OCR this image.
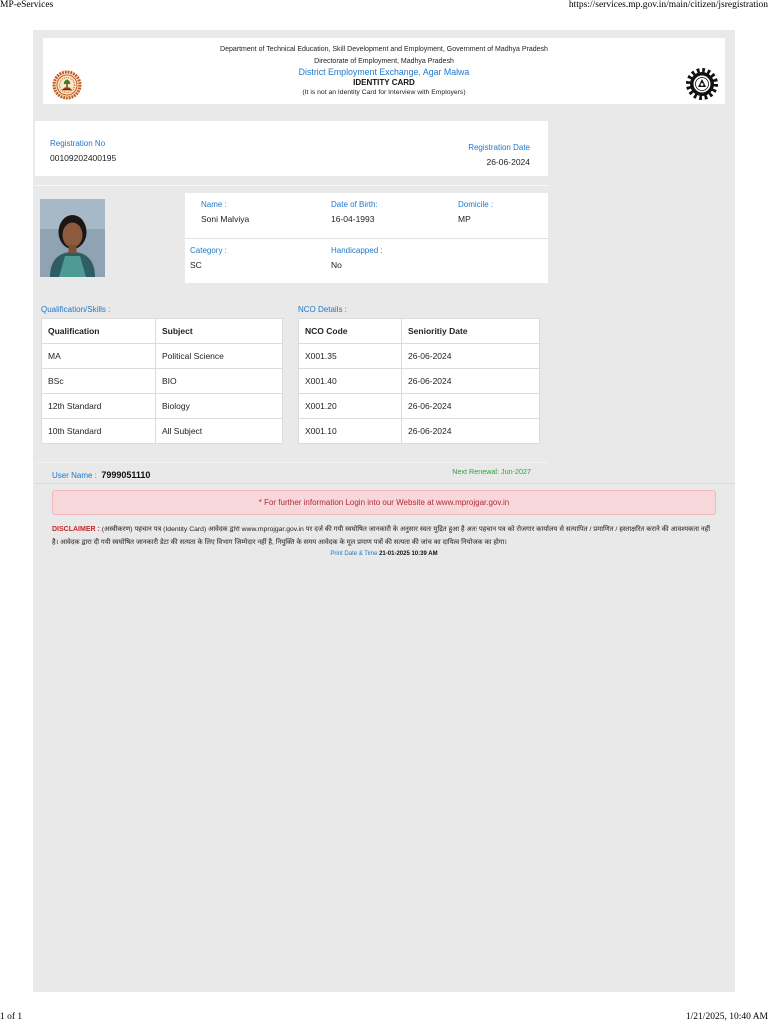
MP-eServices	https://services.mp.gov.in/main/citizen/jsregistration
Department of Technical Education, Skill Development and Employment, Government of Madhya Pradesh
Directorate of Employment, Madhya Pradesh
District Employment Exchange, Agar Malwa
IDENTITY CARD
(It is not an Identity Card for Interview with Employers)
Registration No
00109202400195
Registration Date
26-06-2024
Name :
Soni Malviya
Date of Birth:
16-04-1993
Domicile :
MP
Category :
SC
Handicapped :
No
Qualification/Skills :
Qualification	Subject
MA	Political Science
BSc	BIO
12th Standard	Biology
10th Standard	All Subject
NCO Details :
NCO Code	Senioritiy Date
X001.35	26-06-2024
X001.40	26-06-2024
X001.20	26-06-2024
X001.10	26-06-2024
User Name : 7999051110	Next Renewal: Jun-2027
* For further information Login into our Website at www.mprojgar.gov.in

DISCLAIMER : (अस्वीकरण) पहचान पत्र (Identity Card) आवेदक द्वारा www.mprojgar.gov.in पर दर्ज की गयी स्वघोषित जानकारी के अनुसार स्वतः मुद्रित हुआ है अतः पहचान पत्र को रोजगार कार्यालय से सत्यापित / प्रमाणित / हस्ताक्षरित कराने की आवश्यकता नहीं है। आवेदक द्वारा दी गयी स्वघोषित जानकारी डेटा की सत्यता के लिए विभाग जिम्मेदार नहीं है, नियुक्ति के समय आवेदक के मूल प्रमाण पत्रों की सत्यता की जांच का दायित्व नियोजक का होगा।

Print Date & Time 21-01-2025 10:39 AM
1 of 1	1/21/2025, 10:40 AM
